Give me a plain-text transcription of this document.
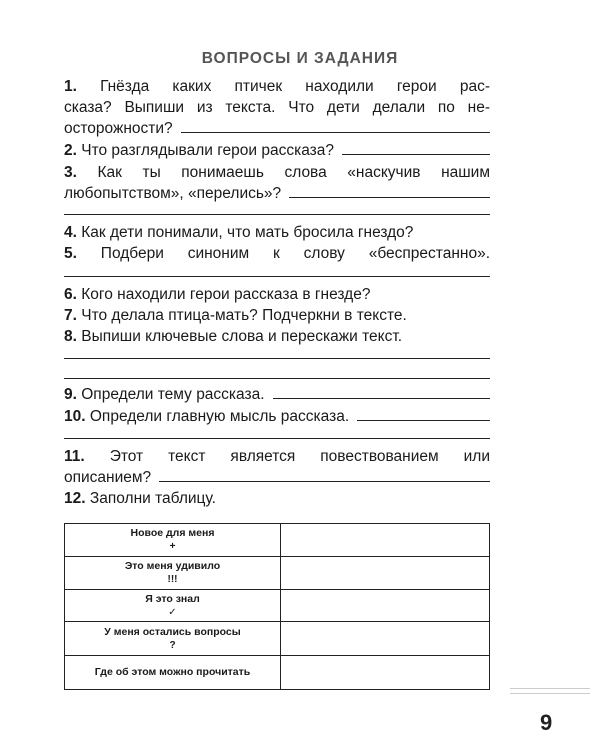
ВОПРОСЫ И ЗАДАНИЯ
1. Гнёзда каких птичек находили герои рас-
сказа? Выпиши из текста. Что дети делали по не-
осторожности?
2. Что разглядывали герои рассказа?
3. Как ты понимаешь слова «наскучив нашим
любопытством», «перелись»?
4. Как дети понимали, что мать бросила гнездо?
5. Подбери синоним к слову «беспрестанно».
6. Кого находили герои рассказа в гнезде?
7. Что делала птица-мать? Подчеркни в тексте.
8. Выпиши ключевые слова и перескажи текст.
9. Определи тему рассказа.
10. Определи главную мысль рассказа.
11. Этот текст является повествованием или
описанием?
12. Заполни таблицу.
Новое для меня
+	

Это меня удивило
!!!	

Я это знал
✓	

У меня остались вопросы
?	

Где об этом можно прочитать	
9
